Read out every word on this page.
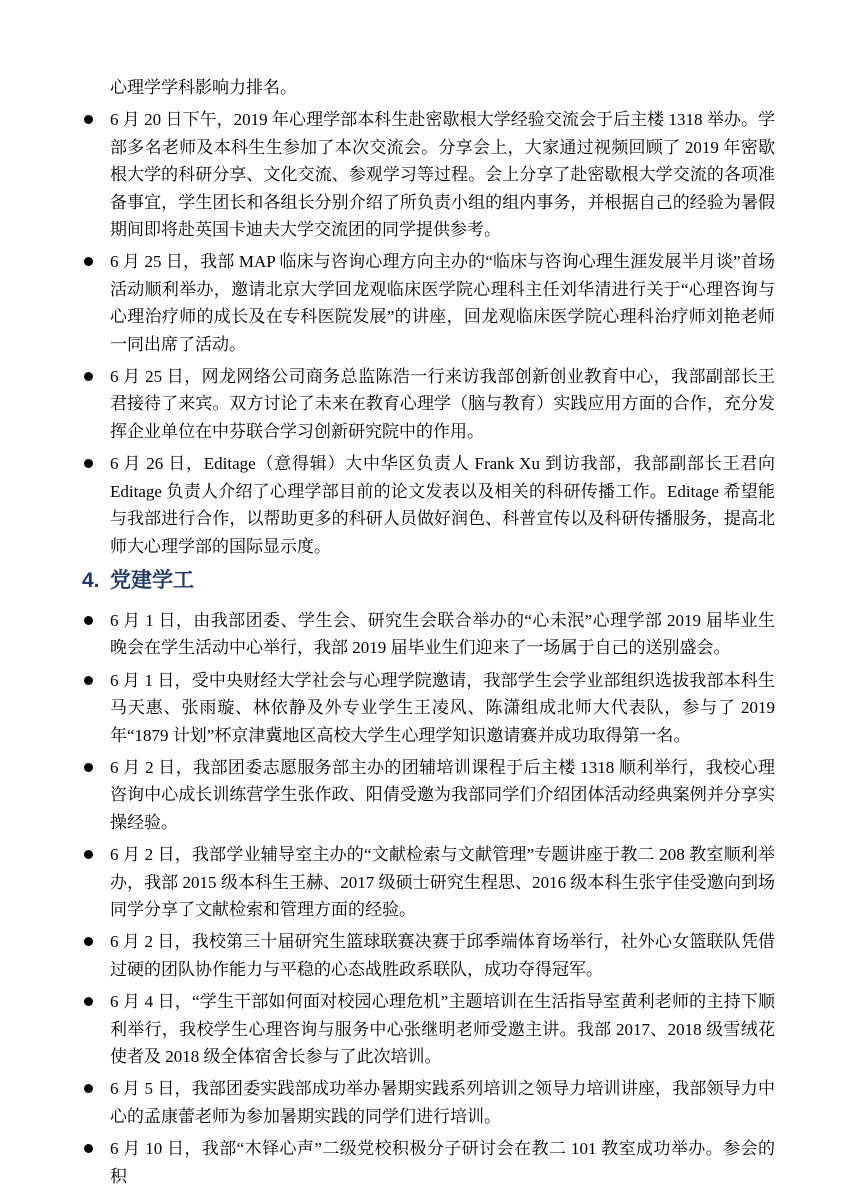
心理学学科影响力排名。

6 月 20 日下午，2019 年心理学部本科生赴密歇根大学经验交流会于后主楼 1318 举办。学部多名老师及本科生生参加了本次交流会。分享会上，大家通过视频回顾了 2019 年密歇根大学的科研分享、文化交流、参观学习等过程。会上分享了赴密歇根大学交流的各项准备事宜，学生团长和各组长分别介绍了所负责小组的组内事务，并根据自己的经验为暑假期间即将赴英国卡迪夫大学交流团的同学提供参考。
6 月 25 日，我部 MAP 临床与咨询心理方向主办的“临床与咨询心理生涯发展半月谈”首场活动顺利举办，邀请北京大学回龙观临床医学院心理科主任刘华清进行关于“心理咨询与心理治疗师的成长及在专科医院发展”的讲座，回龙观临床医学院心理科治疗师刘艳老师一同出席了活动。
6 月 25 日，网龙网络公司商务总监陈浩一行来访我部创新创业教育中心，我部副部长王君接待了来宾。双方讨论了未来在教育心理学（脑与教育）实践应用方面的合作，充分发挥企业单位在中芬联合学习创新研究院中的作用。
6 月 26 日，Editage（意得辑）大中华区负责人 Frank Xu 到访我部，我部副部长王君向 Editage 负责人介绍了心理学部目前的论文发表以及相关的科研传播工作。Editage 希望能与我部进行合作，以帮助更多的科研人员做好润色、科普宣传以及科研传播服务，提高北师大心理学部的国际显示度。
4. 党建学工
6 月 1 日，由我部团委、学生会、研究生会联合举办的“心未泯”心理学部 2019 届毕业生晚会在学生活动中心举行，我部 2019 届毕业生们迎来了一场属于自己的送别盛会。
6 月 1 日，受中央财经大学社会与心理学院邀请，我部学生会学业部组织选拔我部本科生马天惠、张雨璇、林依静及外专业学生王凌风、陈潇组成北师大代表队，参与了 2019 年“1879 计划”杯京津冀地区高校大学生心理学知识邀请赛并成功取得第一名。
6 月 2 日，我部团委志愿服务部主办的团辅培训课程于后主楼 1318 顺利举行，我校心理咨询中心成长训练营学生张作政、阳倩受邀为我部同学们介绍团体活动经典案例并分享实操经验。
6 月 2 日，我部学业辅导室主办的“文献检索与文献管理”专题讲座于教二 208 教室顺利举办，我部 2015 级本科生王赫、2017 级硕士研究生程思、2016 级本科生张宇佳受邀向到场同学分享了文献检索和管理方面的经验。
6 月 2 日，我校第三十届研究生篮球联赛决赛于邱季端体育场举行，社外心女篮联队凭借过硬的团队协作能力与平稳的心态战胜政系联队，成功夺得冠军。
6 月 4 日，“学生干部如何面对校园心理危机”主题培训在生活指导室黄利老师的主持下顺利举行，我校学生心理咨询与服务中心张继明老师受邀主讲。我部 2017、2018 级雪绒花使者及 2018 级全体宿舍长参与了此次培训。
6 月 5 日，我部团委实践部成功举办暑期实践系列培训之领导力培训讲座，我部领导力中心的孟康蕾老师为参加暑期实践的同学们进行培训。
6 月 10 日，我部“木铎心声”二级党校积极分子研讨会在教二 101 教室成功举办。参会的积
